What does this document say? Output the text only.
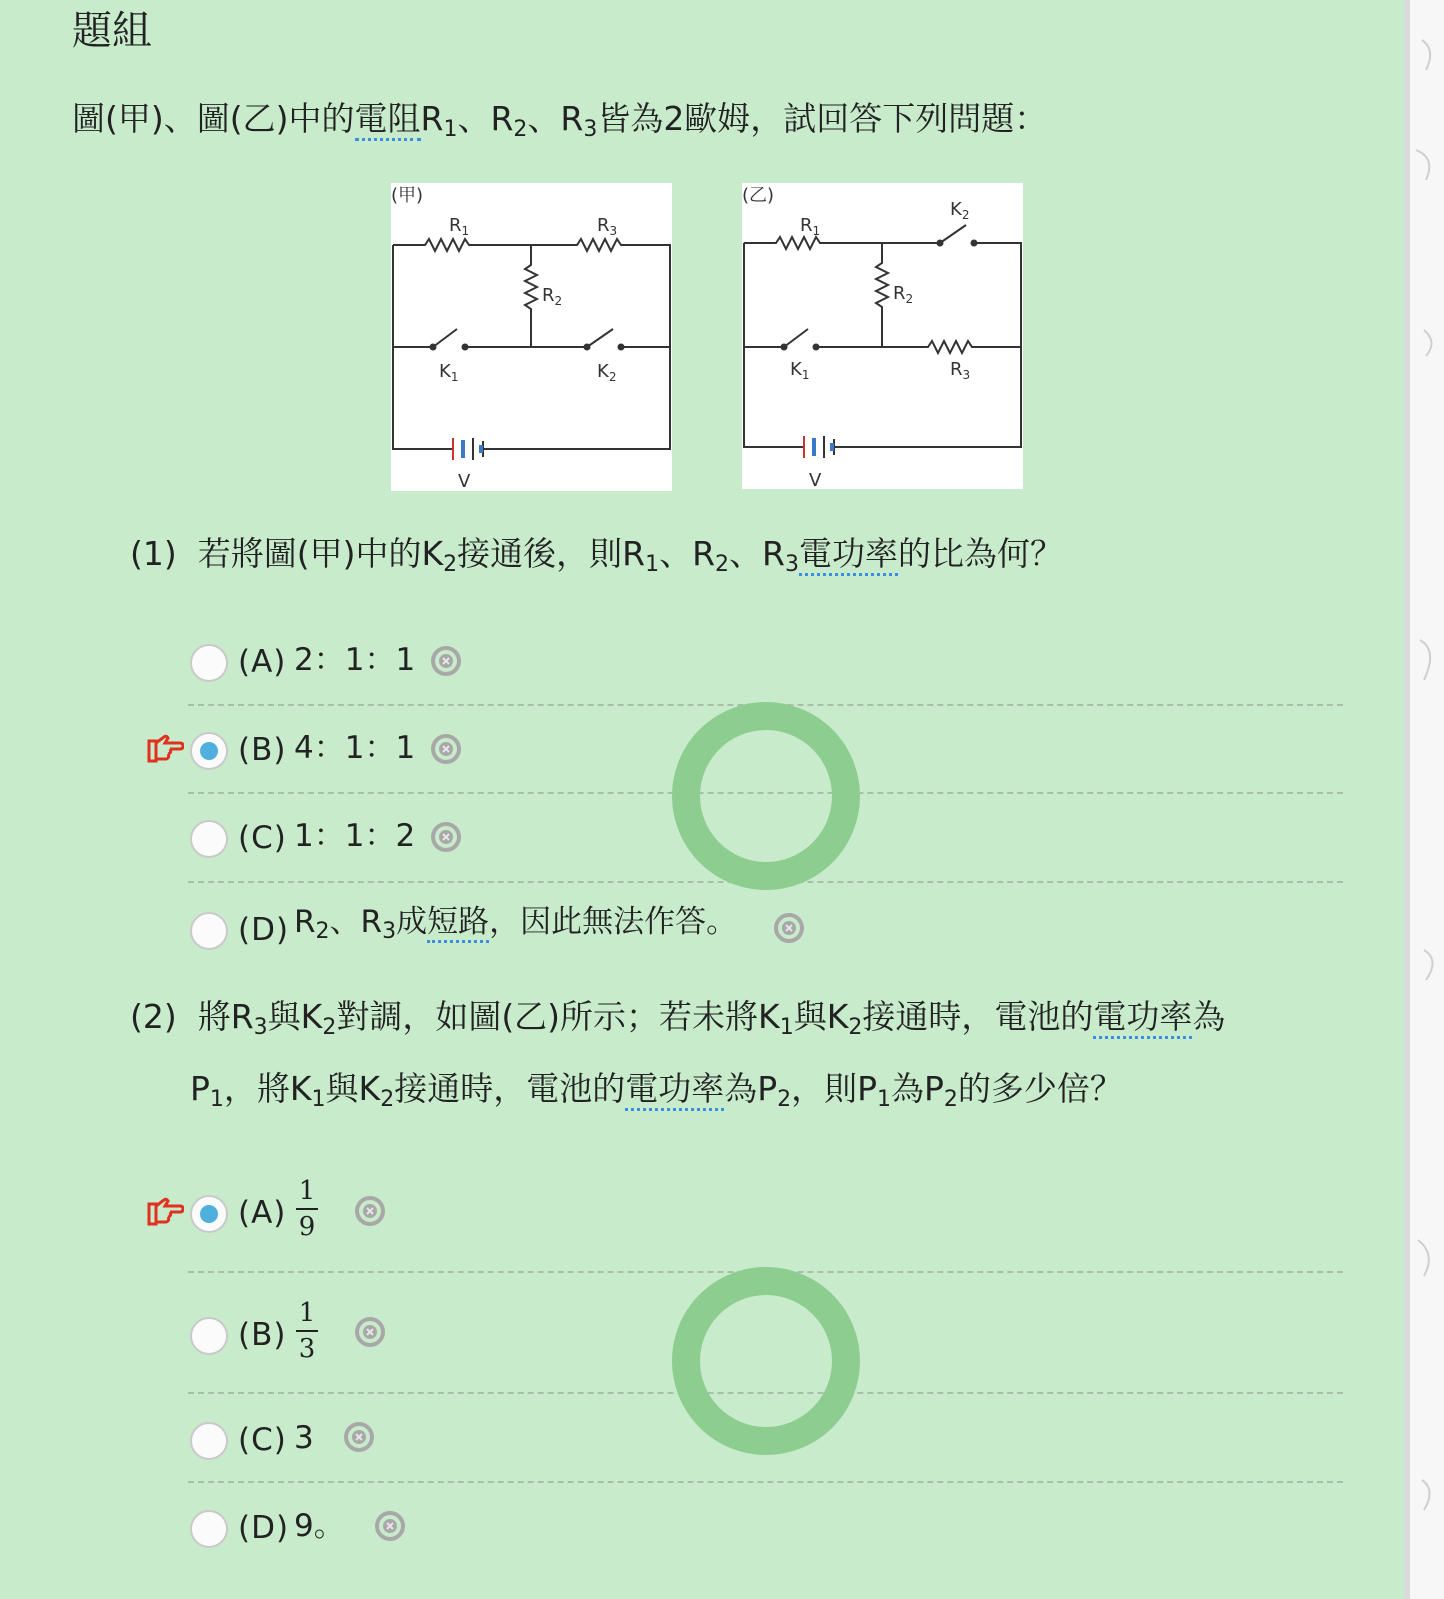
題組
圖(甲)、圖(乙)中的電阻$R_1$、$R_2$、$R_3$皆為2歐姆，試回答下列問題：
(甲)
$R_1$	$R_3$
$R_2$
$K_1$	$K_2$
V
(乙)
$R_1$
$K_2$
$R_2$
$K_1$	$R_3$
V
(1) 若將圖(甲)中的$K_2$接通後，則$R_1$、$R_2$、$R_3$電功率的比為何？
(A) 2：1：1
(B) 4：1：1
(C) 1：1：2
(D) $R_2$、$R_3$成短路，因此無法作答。
(2) 將$R_3$與$K_2$對調，如圖(乙)所示；若未將$K_1$與$K_2$接通時，電池的電功率為
$P_1$，將$K_1$與$K_2$接通時，電池的電功率為$P_2$，則$P_1$為$P_2$的多少倍？
(A)
1
9
(B)
1
3
(C) 3
(D) 9。
